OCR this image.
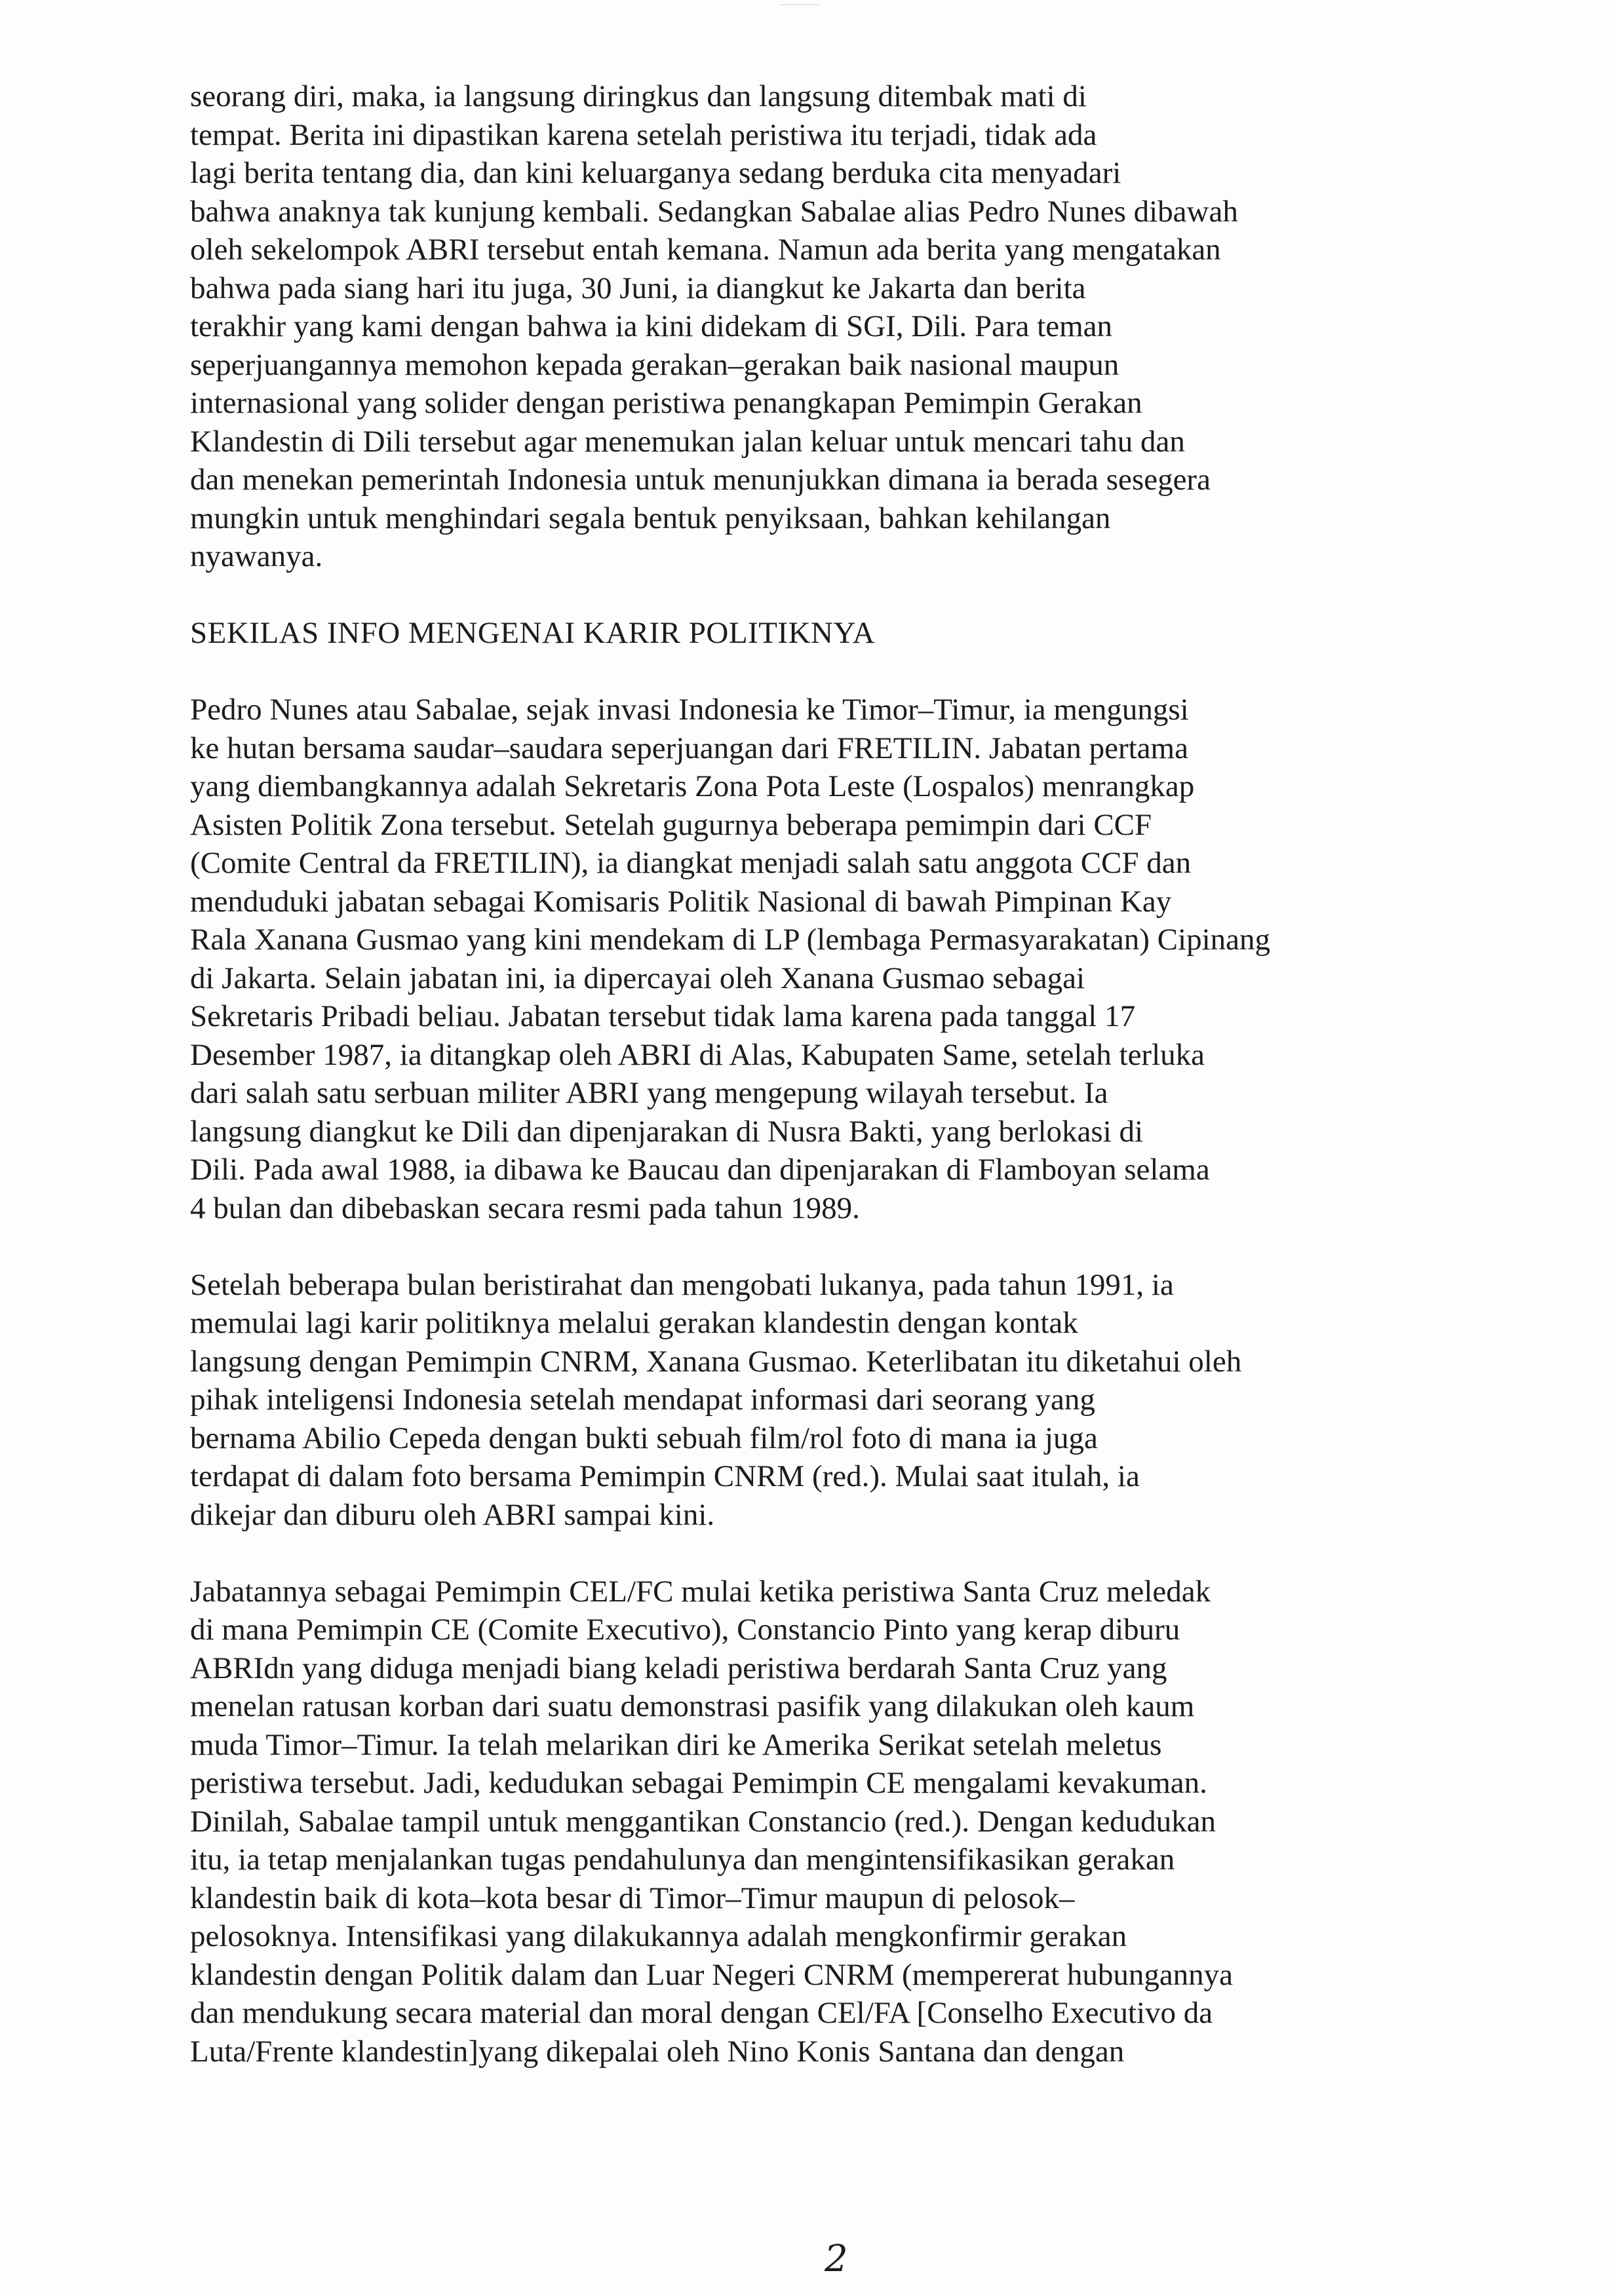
seorang diri, maka, ia langsung diringkus dan langsung ditembak mati di
tempat. Berita ini dipastikan karena setelah peristiwa itu terjadi, tidak ada
lagi berita tentang dia, dan kini keluarganya sedang berduka cita menyadari
bahwa anaknya tak kunjung kembali. Sedangkan Sabalae alias Pedro Nunes dibawah
oleh sekelompok ABRI tersebut entah kemana. Namun ada berita yang mengatakan
bahwa pada siang hari itu juga, 30 Juni, ia diangkut ke Jakarta dan berita
terakhir yang kami dengan bahwa ia kini didekam di SGI, Dili. Para teman
seperjuangannya memohon kepada gerakan–gerakan baik nasional maupun
internasional yang solider dengan peristiwa penangkapan Pemimpin Gerakan
Klandestin di Dili tersebut agar menemukan jalan keluar untuk mencari tahu dan
dan menekan pemerintah Indonesia untuk menunjukkan dimana ia berada sesegera
mungkin untuk menghindari segala bentuk penyiksaan, bahkan kehilangan
nyawanya.
SEKILAS INFO MENGENAI KARIR POLITIKNYA
Pedro Nunes atau Sabalae, sejak invasi Indonesia ke Timor–Timur, ia mengungsi
ke hutan bersama saudar–saudara seperjuangan dari FRETILIN. Jabatan pertama
yang diembangkannya adalah Sekretaris Zona Pota Leste (Lospalos) menrangkap
Asisten Politik Zona tersebut. Setelah gugurnya beberapa pemimpin dari CCF
(Comite Central da FRETILIN), ia diangkat menjadi salah satu anggota CCF dan
menduduki jabatan sebagai Komisaris Politik Nasional di bawah Pimpinan Kay
Rala Xanana Gusmao yang kini mendekam di LP (lembaga Permasyarakatan) Cipinang
di Jakarta. Selain jabatan ini, ia dipercayai oleh Xanana Gusmao sebagai
Sekretaris Pribadi beliau. Jabatan tersebut tidak lama karena pada tanggal 17
Desember 1987, ia ditangkap oleh ABRI di Alas, Kabupaten Same, setelah terluka
dari salah satu serbuan militer ABRI yang mengepung wilayah tersebut. Ia
langsung diangkut ke Dili dan dipenjarakan di Nusra Bakti, yang berlokasi di
Dili. Pada awal 1988, ia dibawa ke Baucau dan dipenjarakan di Flamboyan selama
4 bulan dan dibebaskan secara resmi pada tahun 1989.
Setelah beberapa bulan beristirahat dan mengobati lukanya, pada tahun 1991, ia
memulai lagi karir politiknya melalui gerakan klandestin dengan kontak
langsung dengan Pemimpin CNRM, Xanana Gusmao. Keterlibatan itu diketahui oleh
pihak inteligensi Indonesia setelah mendapat informasi dari seorang yang
bernama Abilio Cepeda dengan bukti sebuah film/rol foto di mana ia juga
terdapat di dalam foto bersama Pemimpin CNRM (red.). Mulai saat itulah, ia
dikejar dan diburu oleh ABRI sampai kini.
Jabatannya sebagai Pemimpin CEL/FC mulai ketika peristiwa Santa Cruz meledak
di mana Pemimpin CE (Comite Executivo), Constancio Pinto yang kerap diburu
ABRIdn yang diduga menjadi biang keladi peristiwa berdarah Santa Cruz yang
menelan ratusan korban dari suatu demonstrasi pasifik yang dilakukan oleh kaum
muda Timor–Timur. Ia telah melarikan diri ke Amerika Serikat setelah meletus
peristiwa tersebut. Jadi, kedudukan sebagai Pemimpin CE mengalami kevakuman.
Dinilah, Sabalae tampil untuk menggantikan Constancio (red.). Dengan kedudukan
itu, ia tetap menjalankan tugas pendahulunya dan mengintensifikasikan gerakan
klandestin baik di kota–kota besar di Timor–Timur maupun di pelosok–
pelosoknya. Intensifikasi yang dilakukannya adalah mengkonfirmir gerakan
klandestin dengan Politik dalam dan Luar Negeri CNRM (mempererat hubungannya
dan mendukung secara material dan moral dengan CEl/FA [Conselho Executivo da
Luta/Frente klandestin]yang dikepalai oleh Nino Konis Santana dan dengan
2
